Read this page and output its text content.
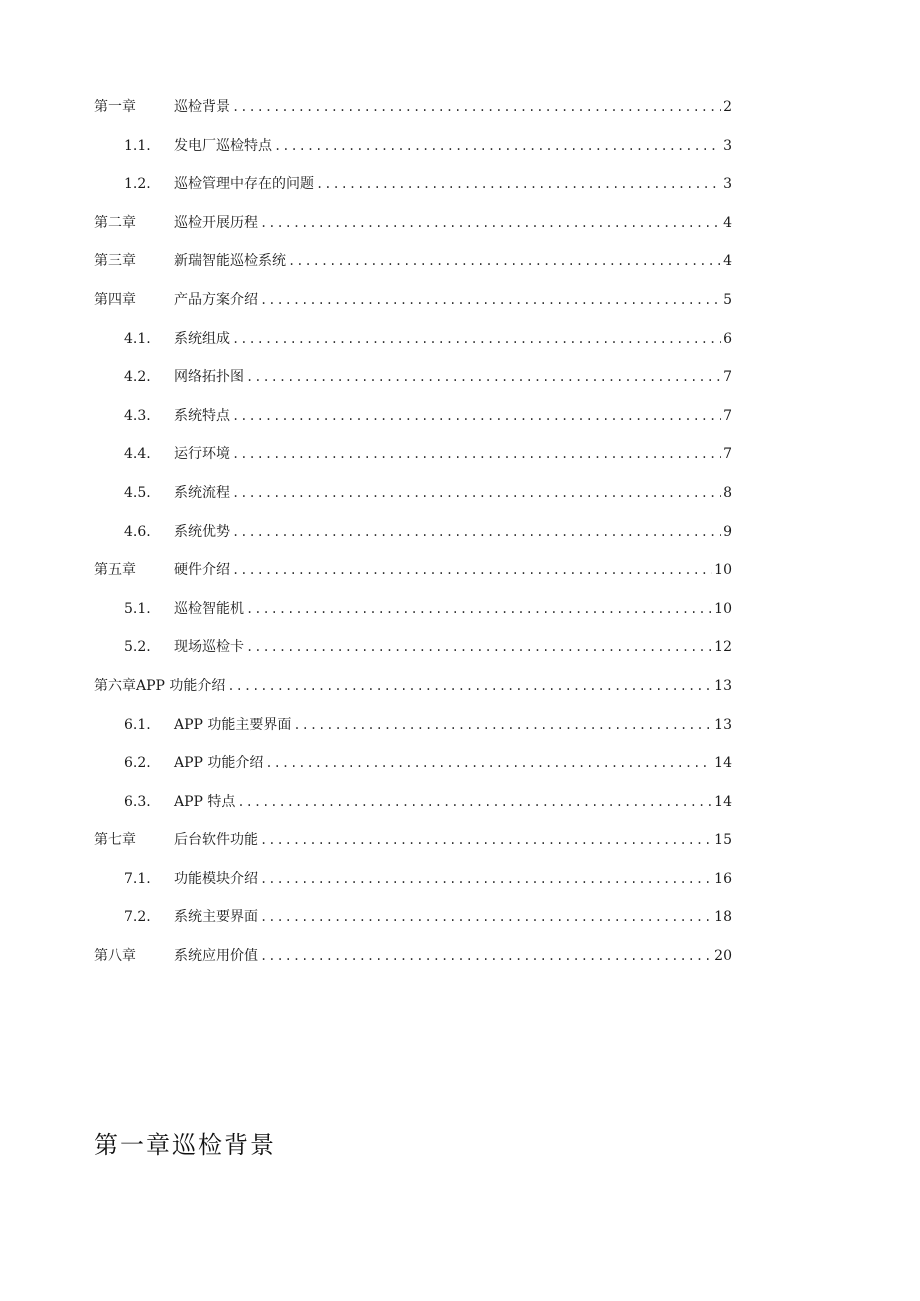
第一章	巡检背景 .....	2
1.1.	发电厂巡检特点 .....	3
1.2.	巡检管理中存在的问题 .....	3
第二章	巡检开展历程 .....	4
第三章	新瑞智能巡检系统 .....	4
第四章	产品方案介绍 .....	5
4.1.	系统组成 .....	6
4.2.	网络拓扑图 .....	7
4.3.	系统特点 .....	7
4.4.	运行环境 .....	7
4.5.	系统流程 .....	8
4.6.	系统优势 .....	9
第五章	硬件介绍 .....	10
5.1.	巡检智能机 .....	10
5.2.	现场巡检卡 .....	12
第六章 APP 功能介绍 .....	13
6.1.	APP 功能主要界面 .....	13
6.2.	APP 功能介绍 .....	14
6.3.	APP 特点 .....	14
第七章	后台软件功能 .....	15
7.1.	功能模块介绍 .....	16
7.2.	系统主要界面 .....	18
第八章	系统应用价值 .....	20
第一章巡检背景
